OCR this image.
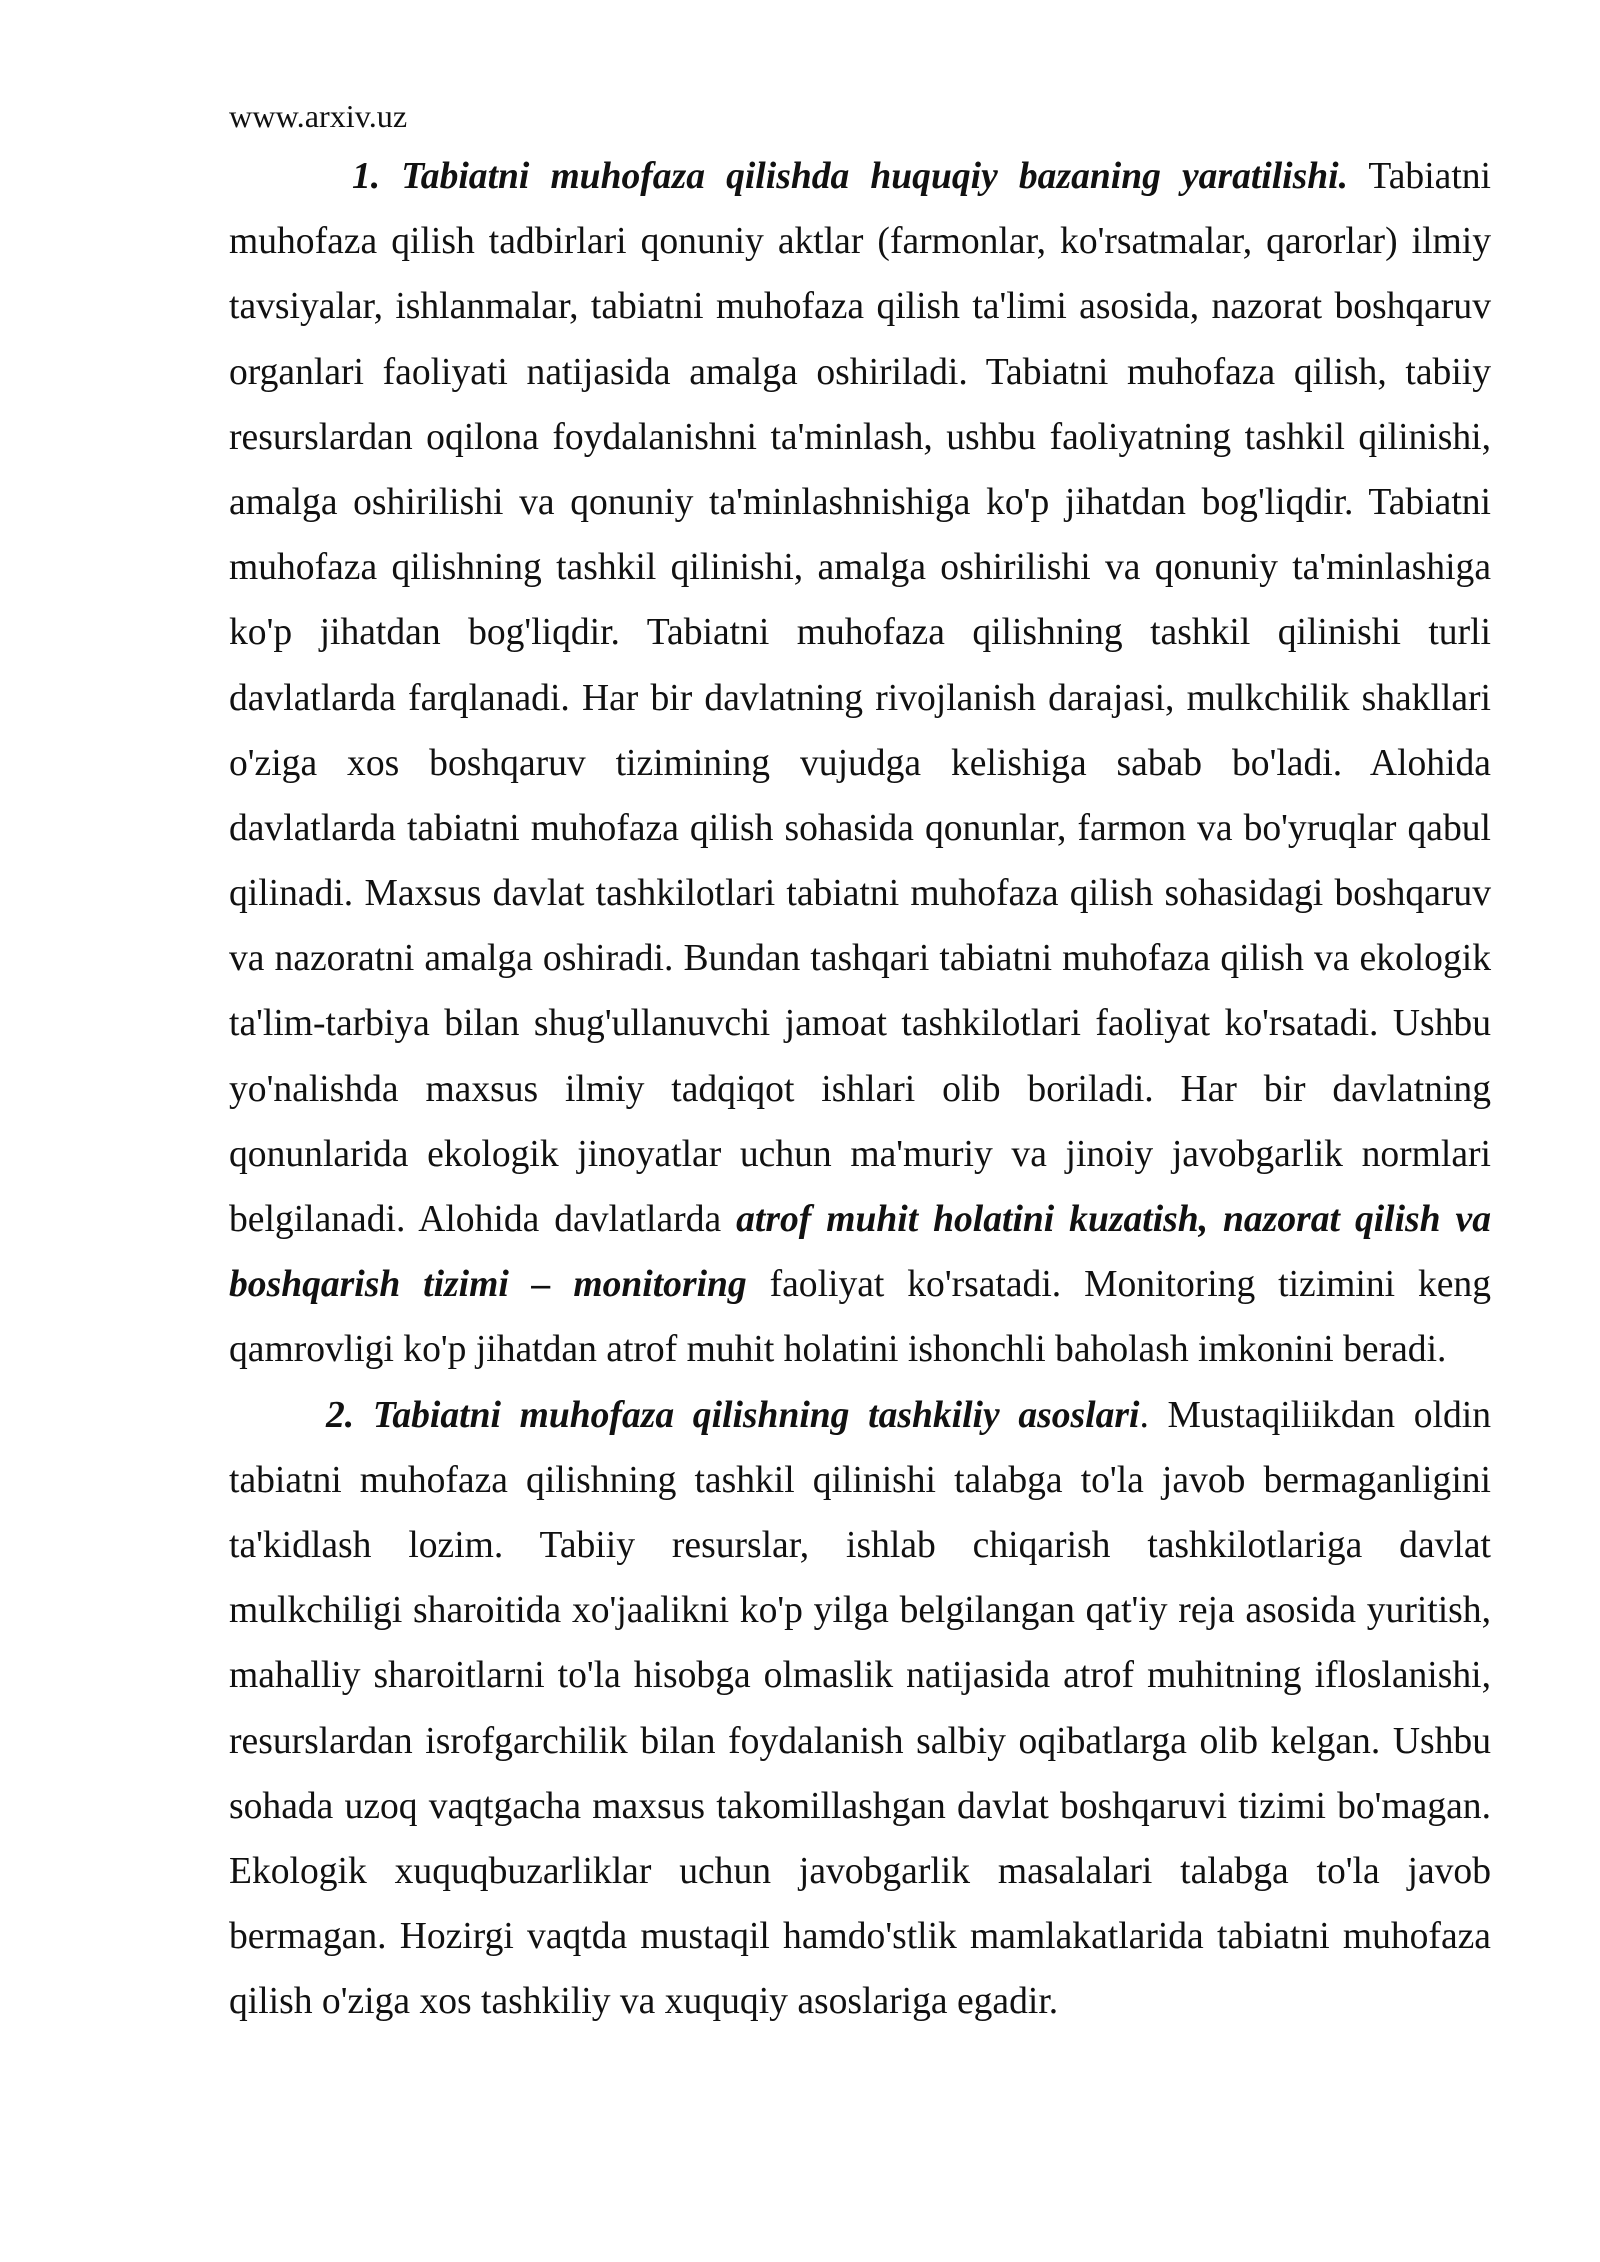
www.arxiv.uz
1. Tabiatni muhofaza qilishda huquqiy bazaning yaratilishi. Tabiatni
muhofaza qilish tadbirlari qonuniy aktlar (farmonlar, ko'rsatmalar, qarorlar) ilmiy
tavsiyalar, ishlanmalar, tabiatni muhofaza qilish ta'limi asosida, nazorat boshqaruv
organlari faoliyati natijasida amalga oshiriladi. Tabiatni muhofaza qilish, tabiiy
resurslardan oqilona foydalanishni ta'minlash, ushbu faoliyatning tashkil qilinishi,
amalga oshirilishi va qonuniy ta'minlashnishiga ko'p jihatdan bog'liqdir. Tabiatni
muhofaza qilishning tashkil qilinishi, amalga oshirilishi va qonuniy ta'minlashiga
ko'p jihatdan bog'liqdir. Tabiatni muhofaza qilishning tashkil qilinishi turli
davlatlarda farqlanadi. Har bir davlatning rivojlanish darajasi, mulkchilik shakllari
o'ziga xos boshqaruv tizimining vujudga kelishiga sabab bo'ladi. Alohida
davlatlarda tabiatni muhofaza qilish sohasida qonunlar, farmon va bo'yruqlar qabul
qilinadi. Maxsus davlat tashkilotlari tabiatni muhofaza qilish sohasidagi boshqaruv
va nazoratni amalga oshiradi. Bundan tashqari tabiatni muhofaza qilish va ekologik
ta'lim-tarbiya bilan shug'ullanuvchi jamoat tashkilotlari faoliyat ko'rsatadi. Ushbu
yo'nalishda maxsus ilmiy tadqiqot ishlari olib boriladi. Har bir davlatning
qonunlarida ekologik jinoyatlar uchun ma'muriy va jinoiy javobgarlik normlari
belgilanadi. Alohida davlatlarda atrof muhit holatini kuzatish, nazorat qilish va
boshqarish tizimi – monitoring faoliyat ko'rsatadi. Monitoring tizimini keng
qamrovligi ko'p jihatdan atrof muhit holatini ishonchli baholash imkonini beradi.
2. Tabiatni muhofaza qilishning tashkiliy asoslari. Mustaqiliikdan oldin
tabiatni muhofaza qilishning tashkil qilinishi talabga to'la javob bermaganligini
ta'kidlash lozim. Tabiiy resurslar, ishlab chiqarish tashkilotlariga davlat
mulkchiligi sharoitida xo'jaalikni ko'p yilga belgilangan qat'iy reja asosida yuritish,
mahalliy sharoitlarni to'la hisobga olmaslik natijasida atrof muhitning ifloslanishi,
resurslardan isrofgarchilik bilan foydalanish salbiy oqibatlarga olib kelgan. Ushbu
sohada uzoq vaqtgacha maxsus takomillashgan davlat boshqaruvi tizimi bo'magan.
Ekologik xuquqbuzarliklar uchun javobgarlik masalalari talabga to'la javob
bermagan. Hozirgi vaqtda mustaqil hamdo'stlik mamlakatlarida tabiatni muhofaza
qilish o'ziga xos tashkiliy va xuquqiy asoslariga egadir.
